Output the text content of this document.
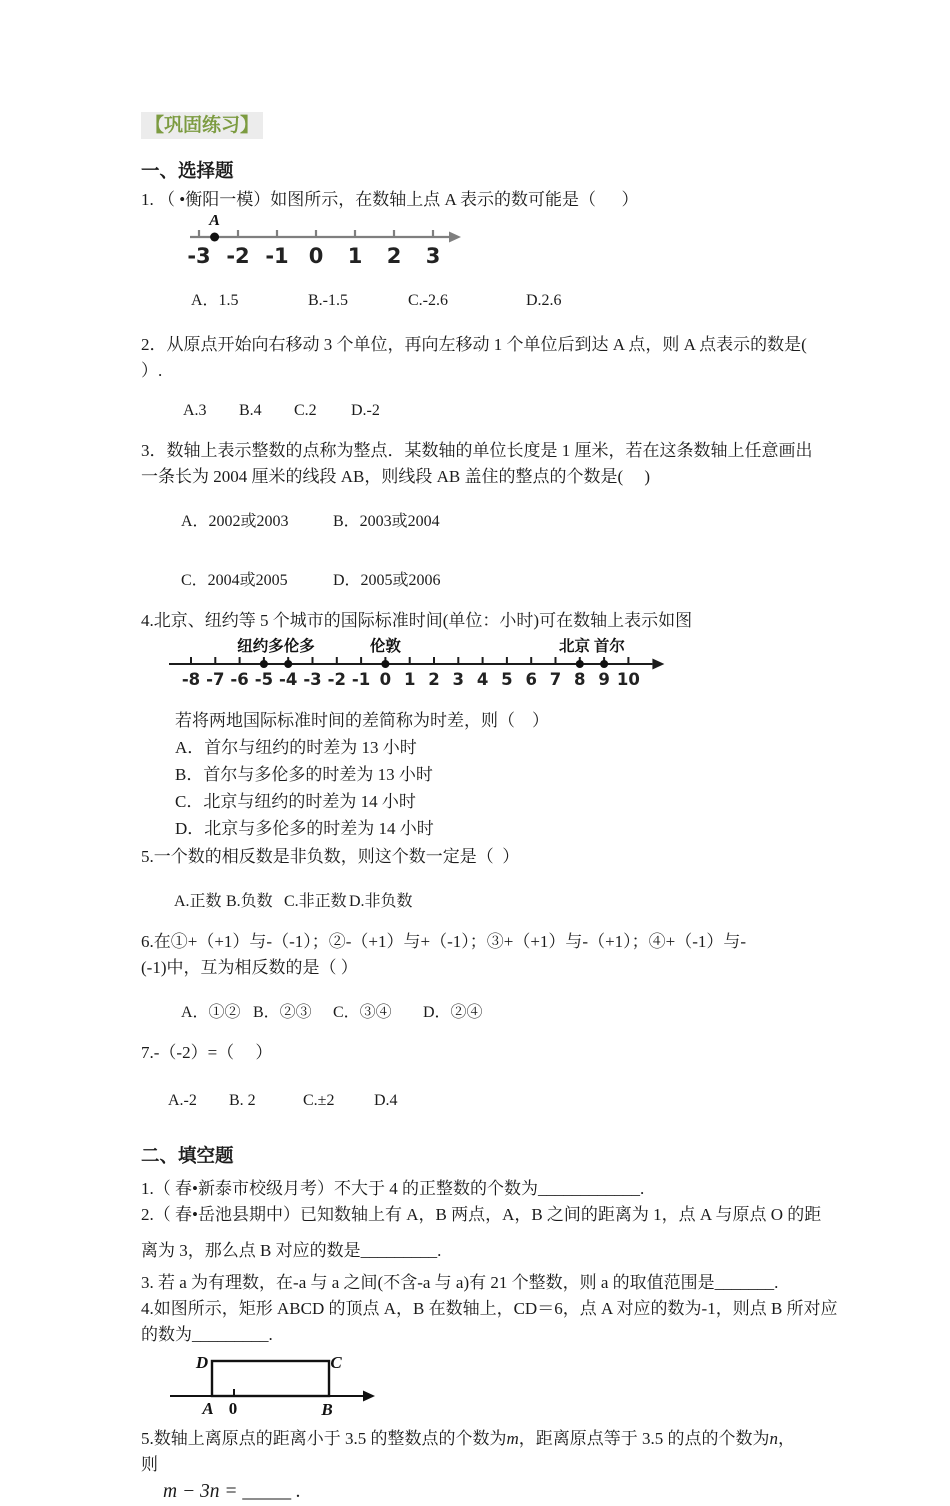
【巩固练习】
一、选择题

1. （ •衡阳一模）如图所示，在数轴上点 A 表示的数可能是（      ）

-3 -2 -1 0 1 2 3
A

A．1.5	B.-1.5	C.-2.6	D.2.6

2．从原点开始向右移动 3 个单位，再向左移动 1 个单位后到达 A 点，则 A 点表示的数是(

）.

A.3 B.4 C.2 D.-2

3．数轴上表示整数的点称为整点．某数轴的单位长度是 1 厘米，若在这条数轴上任意画出

一条长为 2004 厘米的线段 AB，则线段 AB 盖住的整点的个数是(     )

A．2002或2003	B．2003或2004

C．2004或2005	D．2005或2006

4.北京、纽约等 5 个城市的国际标准时间(单位：小时)可在数轴上表示如图

-8 -7 -6 -5 -4 -3 -2 -1 0 1 2 3 4 5 6 7 8 9 10
纽约多伦多	伦敦	北京 首尔

若将两地国际标准时间的差简称为时差，则（    ）

A．首尔与纽约的时差为 13 小时

B．首尔与多伦多的时差为 13 小时

C．北京与纽约的时差为 14 小时

D．北京与多伦多的时差为 14 小时

5.一个数的相反数是非负数，则这个数一定是（  ）

A.正数 B.负数 C.非正数 D.非负数

6.在①+（+1）与-（-1）；②-（+1）与+（-1）；③+（+1）与-（+1）；④+（-1）与-

(-1)中，互为相反数的是（ ）

A．①② B．②③ C．③④ D．②④

7.-（-2）=（     ）

A.-2 B. 2	C.±2 D.4

二、填空题

1.（ 春•新泰市校级月考）不大于 4 的正整数的个数为____________.

2.（ 春•岳池县期中）已知数轴上有 A，B 两点，A，B 之间的距离为 1，点 A 与原点 O 的距

离为 3，那么点 B 对应的数是_________.

3. 若 a 为有理数，在-a 与 a 之间(不含-a 与 a)有 21 个整数，则 a 的取值范围是_______.

4.如图所示，矩形 ABCD 的顶点 A，B 在数轴上，CD＝6，点 A 对应的数为-1，则点 B 所对应

的数为_________.

D	C
A	B
0

5.数轴上离原点的距离小于 3.5 的整数点的个数为m，距离原点等于 3.5 的点的个数为n，

则

m − 3n = _____ .
